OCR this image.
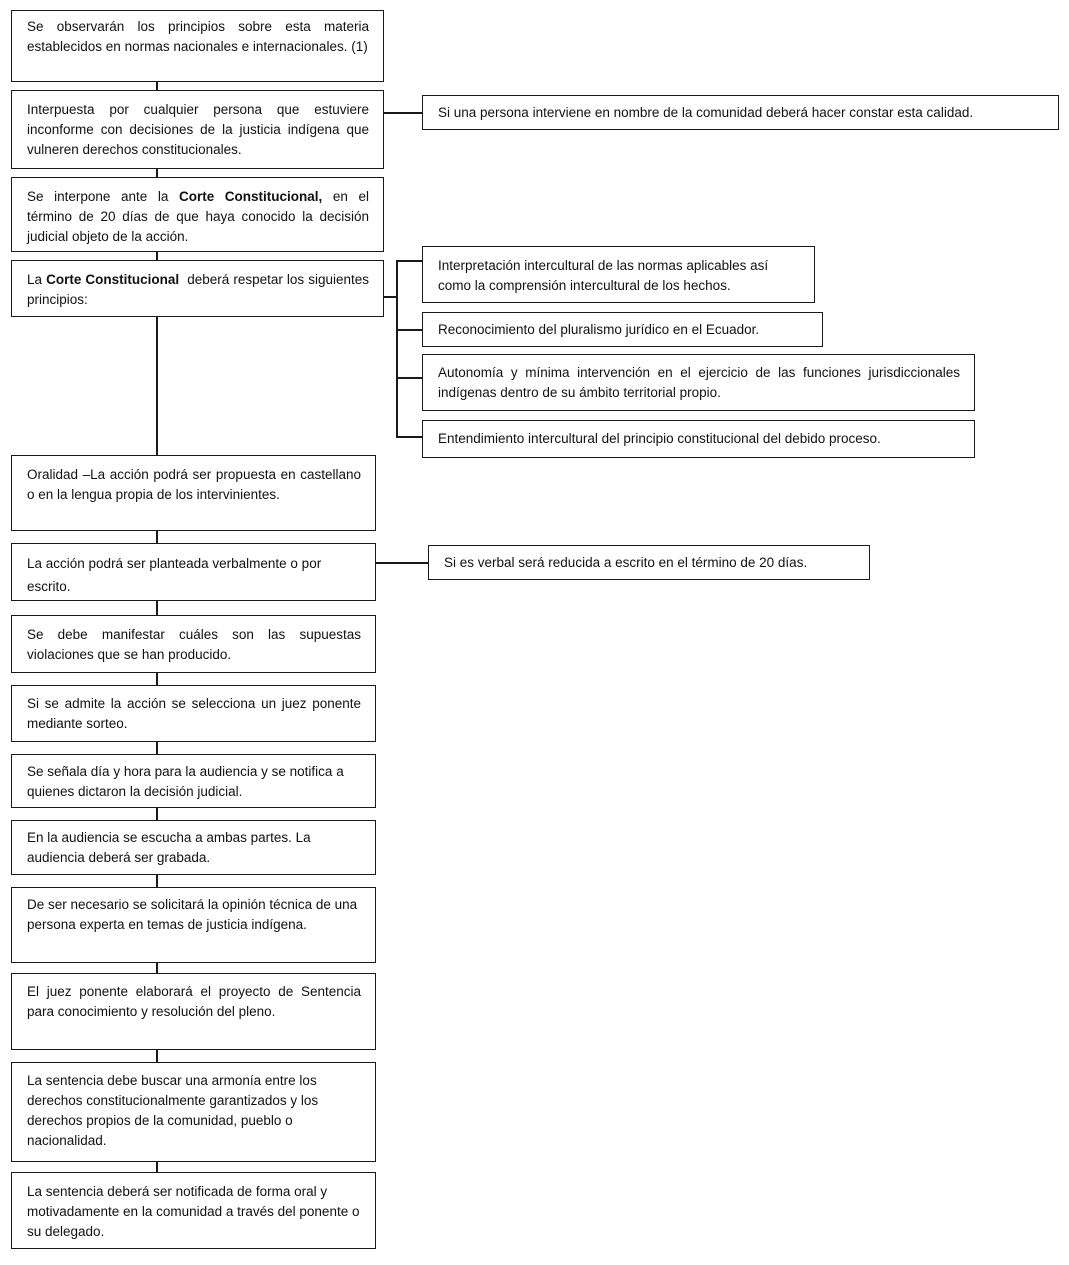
Se observarán los principios sobre esta materia establecidos en normas nacionales e internacionales. (1)
Interpuesta por cualquier persona que estuviere inconforme con decisiones de la justicia indígena que vulneren derechos constitucionales.
Si una persona interviene en nombre de la comunidad deberá hacer constar esta calidad.
Se interpone ante la Corte Constitucional, en el término de 20 días de que haya conocido la decisión judicial objeto de la acción.
La Corte Constitucional  deberá respetar los siguientes principios:
Interpretación intercultural de las normas aplicables así como la comprensión intercultural de los hechos.
Reconocimiento del pluralismo jurídico en el Ecuador.
Autonomía y mínima intervención en el ejercicio de las funciones jurisdiccionales indígenas dentro de su ámbito territorial propio.
Entendimiento intercultural del principio constitucional del debido proceso.
Oralidad –La acción podrá ser propuesta en castellano o en la lengua propia de los intervinientes.
La acción podrá ser planteada verbalmente o por escrito.
Si es verbal será reducida a escrito en el término de 20 días.
Se debe manifestar cuáles son las supuestas violaciones que se han producido.
Si se admite la acción se selecciona un juez ponente mediante sorteo.
Se señala día y hora para la audiencia y se notifica a quienes dictaron la decisión judicial.
En la audiencia se escucha a ambas partes. La audiencia deberá ser grabada.
De ser necesario se solicitará la opinión técnica de una persona experta en temas de justicia indígena.
El juez ponente elaborará el proyecto de Sentencia para conocimiento y resolución del pleno.
La sentencia debe buscar una armonía entre los derechos constitucionalmente garantizados y los derechos propios de la comunidad, pueblo o nacionalidad.
La sentencia deberá ser notificada de forma oral y motivadamente en la comunidad a través del ponente o su delegado.
